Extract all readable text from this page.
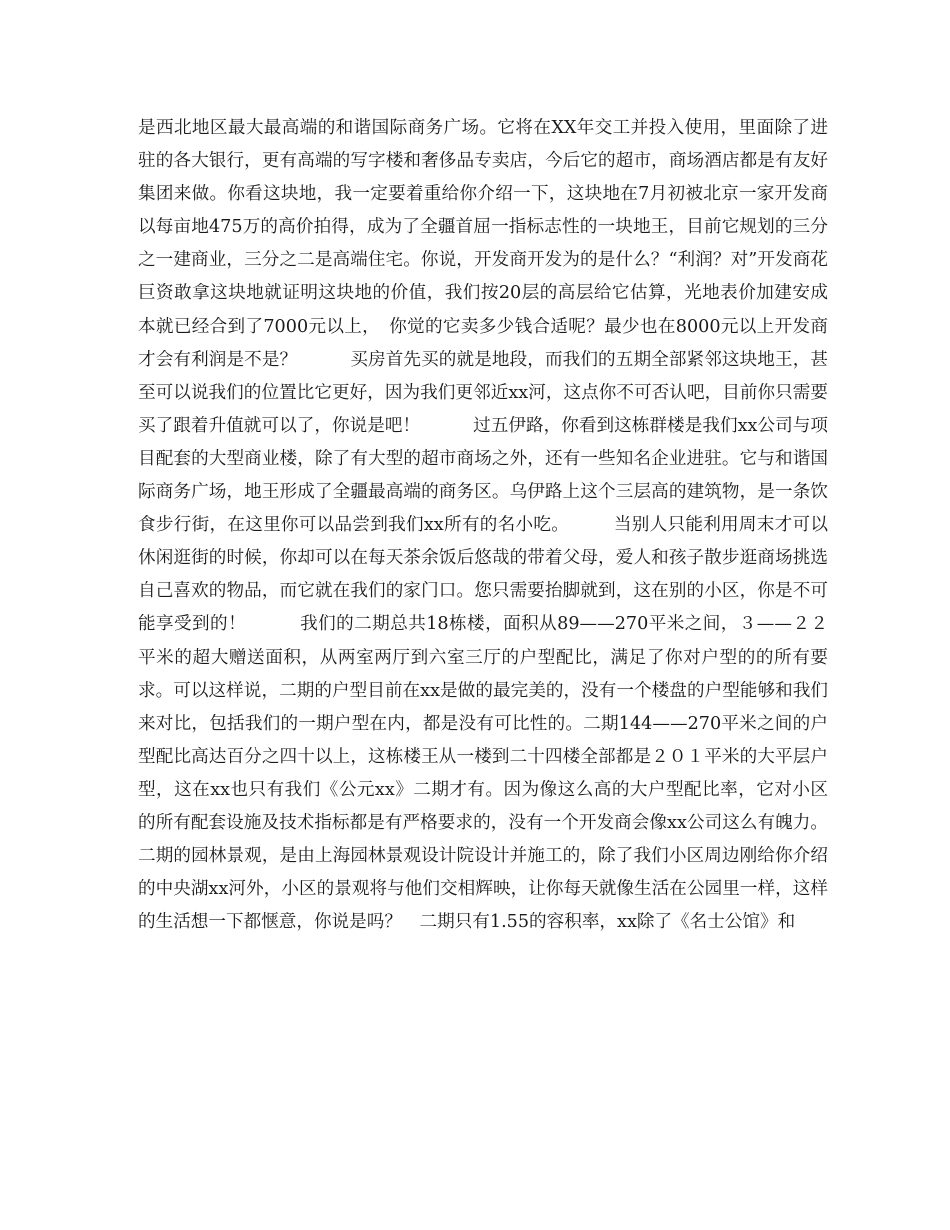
是西北地区最大最高端的和谐国际商务广场。它将在XX年交工并投入使用，里面除了进驻的各大银行，更有高端的写字楼和奢侈品专卖店，今后它的超市，商场酒店都是有友好集团来做。你看这块地，我一定要着重给你介绍一下，这块地在7月初被北京一家开发商以每亩地475万的高价拍得，成为了全疆首屈一指标志性的一块地王，目前它规划的三分之一建商业，三分之二是高端住宅。你说，开发商开发为的是什么？“利润？对”开发商花巨资敢拿这块地就证明这块地的价值，我们按20层的高层给它估算，光地表价加建安成本就已经合到了7000元以上，　你觉的它卖多少钱合适呢？最少也在8000元以上开发商才会有利润是不是？　　　买房首先买的就是地段，而我们的五期全部紧邻这块地王，甚至可以说我们的位置比它更好，因为我们更邻近xx河，这点你不可否认吧，目前你只需要买了跟着升值就可以了，你说是吧！　　　过五伊路，你看到这栋群楼是我们xx公司与项目配套的大型商业楼，除了有大型的超市商场之外，还有一些知名企业进驻。它与和谐国际商务广场，地王形成了全疆最高端的商务区。乌伊路上这个三层高的建筑物，是一条饮食步行街，在这里你可以品尝到我们xx所有的名小吃。　　　当别人只能利用周末才可以休闲逛街的时候，你却可以在每天茶余饭后悠哉的带着父母，爱人和孩子散步逛商场挑选自己喜欢的物品，而它就在我们的家门口。您只需要抬脚就到，这在别的小区，你是不可能享受到的！　　　我们的二期总共18栋楼，面积从89——270平米之间，３——２２平米的超大赠送面积，从两室两厅到六室三厅的户型配比，满足了你对户型的的所有要求。可以这样说，二期的户型目前在xx是做的最完美的，没有一个楼盘的户型能够和我们来对比，包括我们的一期户型在内，都是没有可比性的。二期144——270平米之间的户型配比高达百分之四十以上，这栋楼王从一楼到二十四楼全部都是２０１平米的大平层户型，这在xx也只有我们《公元xx》二期才有。因为像这么高的大户型配比率，它对小区的所有配套设施及技术指标都是有严格要求的，没有一个开发商会像xx公司这么有魄力。二期的园林景观，是由上海园林景观设计院设计并施工的，除了我们小区周边刚给你介绍的中央湖xx河外，小区的景观将与他们交相辉映，让你每天就像生活在公园里一样，这样的生活想一下都惬意，你说是吗？　二期只有1.55的容积率，xx除了《名士公馆》和
